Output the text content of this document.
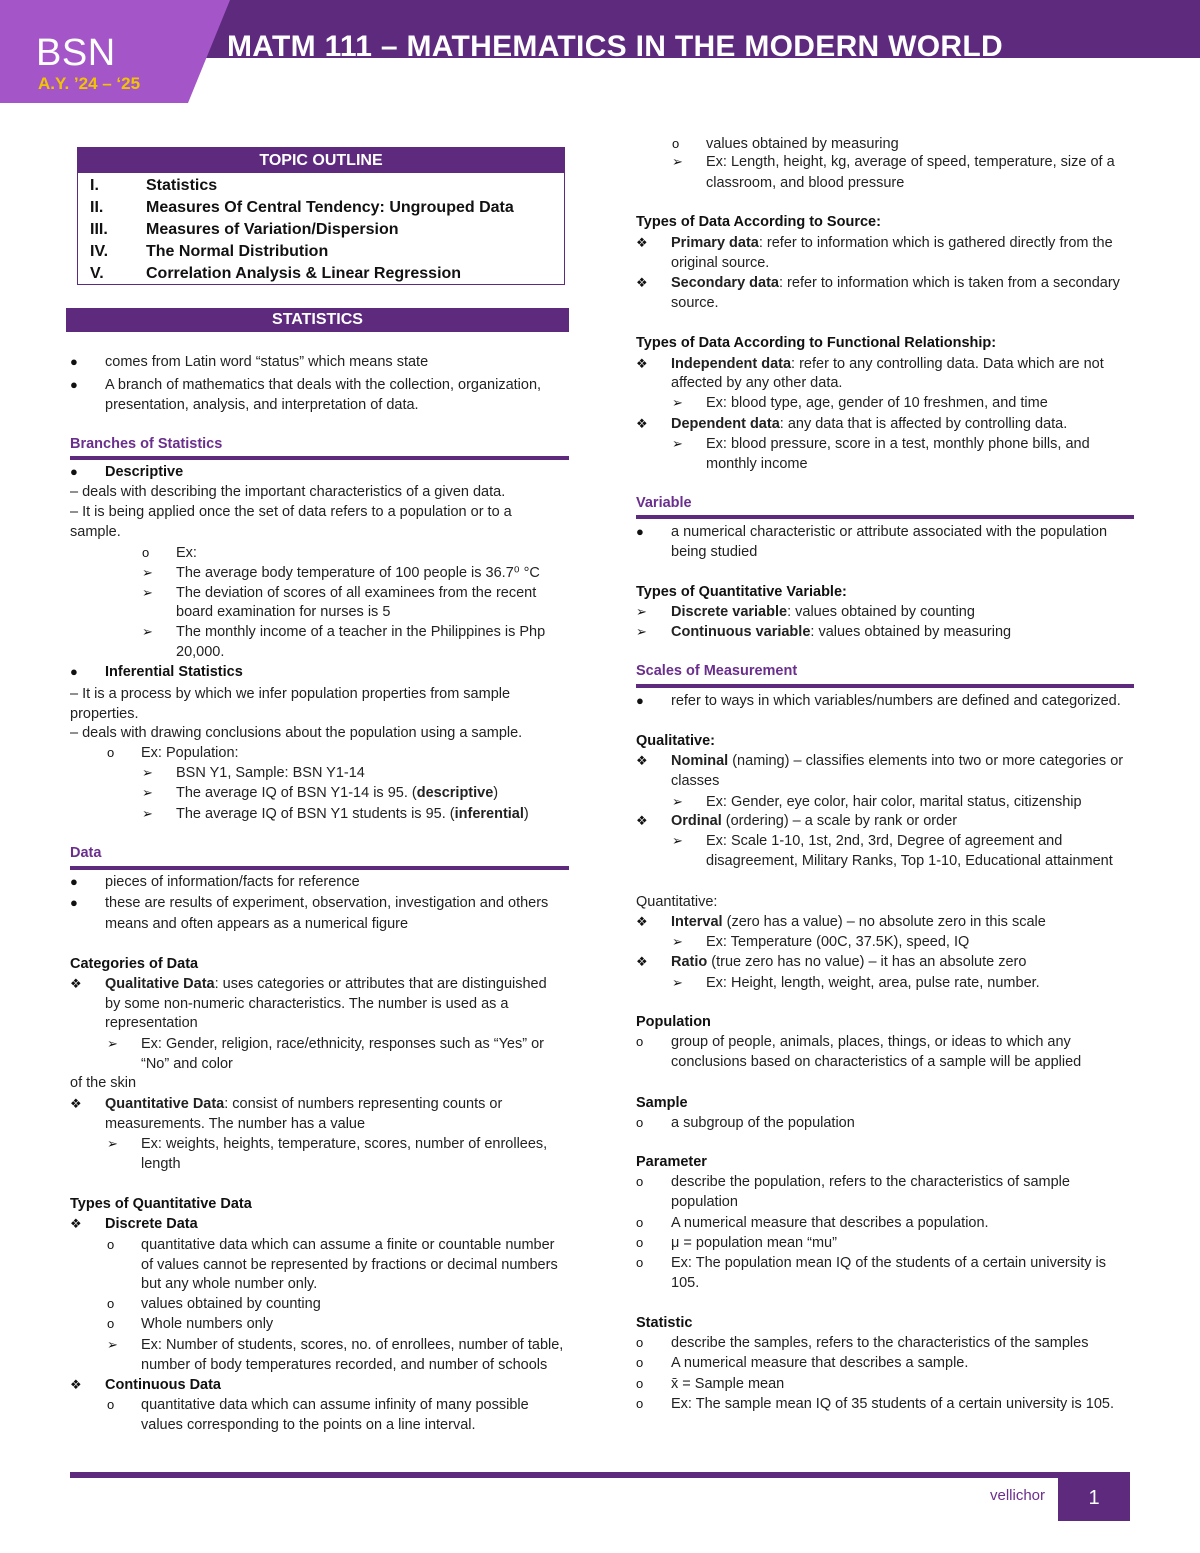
BSN
A.Y. ’24 – ‘25
MATM 111 – MATHEMATICS IN THE MODERN WORLD
TOPIC OUTLINE
I.	Statistics
II.	Measures Of Central Tendency: Ungrouped Data
III. Measures of Variation/Dispersion
IV. The Normal Distribution
V.	Correlation Analysis & Linear Regression
STATISTICS
● comes from Latin word “status” which means state
● A branch of mathematics that deals with the collection, organization,
presentation, analysis, and interpretation of data.
Branches of Statistics
● Descriptive
– deals with describing the important characteristics of a given data.
– It is being applied once the set of data refers to a population or to a
sample.
o Ex:
➢ The average body temperature of 100 people is 36.7⁰ °C
➢ The deviation of scores of all examinees from the recent
board examination for nurses is 5
➢ The monthly income of a teacher in the Philippines is Php
20,000.
● Inferential Statistics
– It is a process by which we infer population properties from sample
properties.
– deals with drawing conclusions about the population using a sample.
o Ex: Population:
➢ BSN Y1, Sample: BSN Y1-14
➢ The average IQ of BSN Y1-14 is 95. (descriptive)
➢ The average IQ of BSN Y1 students is 95. (inferential)
Data
● pieces of information/facts for reference
● these are results of experiment, observation, investigation and others
means and often appears as a numerical figure
Categories of Data
❖ Qualitative Data: uses categories or attributes that are distinguished
by some non-numeric characteristics. The number is used as a
representation
➢ Ex: Gender, religion, race/ethnicity, responses such as “Yes” or
“No” and color
of the skin
❖ Quantitative Data: consist of numbers representing counts or
measurements. The number has a value
➢ Ex: weights, heights, temperature, scores, number of enrollees,
length
Types of Quantitative Data
❖ Discrete Data
o quantitative data which can assume a finite or countable number
of values cannot be represented by fractions or decimal numbers
but any whole number only.
o values obtained by counting
o Whole numbers only
➢ Ex: Number of students, scores, no. of enrollees, number of table,
number of body temperatures recorded, and number of schools
❖ Continuous Data
o quantitative data which can assume infinity of many possible
values corresponding to the points on a line interval.
o values obtained by measuring
➢ Ex: Length, height, kg, average of speed, temperature, size of a
classroom, and blood pressure
Types of Data According to Source:
❖ Primary data: refer to information which is gathered directly from the
original source.
❖ Secondary data: refer to information which is taken from a secondary
source.
Types of Data According to Functional Relationship:
❖ Independent data: refer to any controlling data. Data which are not
affected by any other data.
➢ Ex: blood type, age, gender of 10 freshmen, and time
❖ Dependent data: any data that is affected by controlling data.
➢ Ex: blood pressure, score in a test, monthly phone bills, and
monthly income
Variable
● a numerical characteristic or attribute associated with the population
being studied
Types of Quantitative Variable:
➢ Discrete variable: values obtained by counting
➢ Continuous variable: values obtained by measuring
Scales of Measurement
● refer to ways in which variables/numbers are defined and categorized.
Qualitative:
❖ Nominal (naming) – classifies elements into two or more categories or
classes
➢ Ex: Gender, eye color, hair color, marital status, citizenship
❖ Ordinal (ordering) – a scale by rank or order
➢ Ex: Scale 1-10, 1st, 2nd, 3rd, Degree of agreement and
disagreement, Military Ranks, Top 1-10, Educational attainment
Quantitative:
❖ Interval (zero has a value) – no absolute zero in this scale
➢ Ex: Temperature (00C, 37.5K), speed, IQ
❖ Ratio (true zero has no value) – it has an absolute zero
➢ Ex: Height, length, weight, area, pulse rate, number.
Population
o group of people, animals, places, things, or ideas to which any
conclusions based on characteristics of a sample will be applied
Sample
o a subgroup of the population
Parameter
o describe the population, refers to the characteristics of sample
population
o A numerical measure that describes a population.
o μ = population mean “mu”
o Ex: The population mean IQ of the students of a certain university is
105.
Statistic
o describe the samples, refers to the characteristics of the samples
o A numerical measure that describes a sample.
o x̄ = Sample mean
o Ex: The sample mean IQ of 35 students of a certain university is 105.
vellichor	1
